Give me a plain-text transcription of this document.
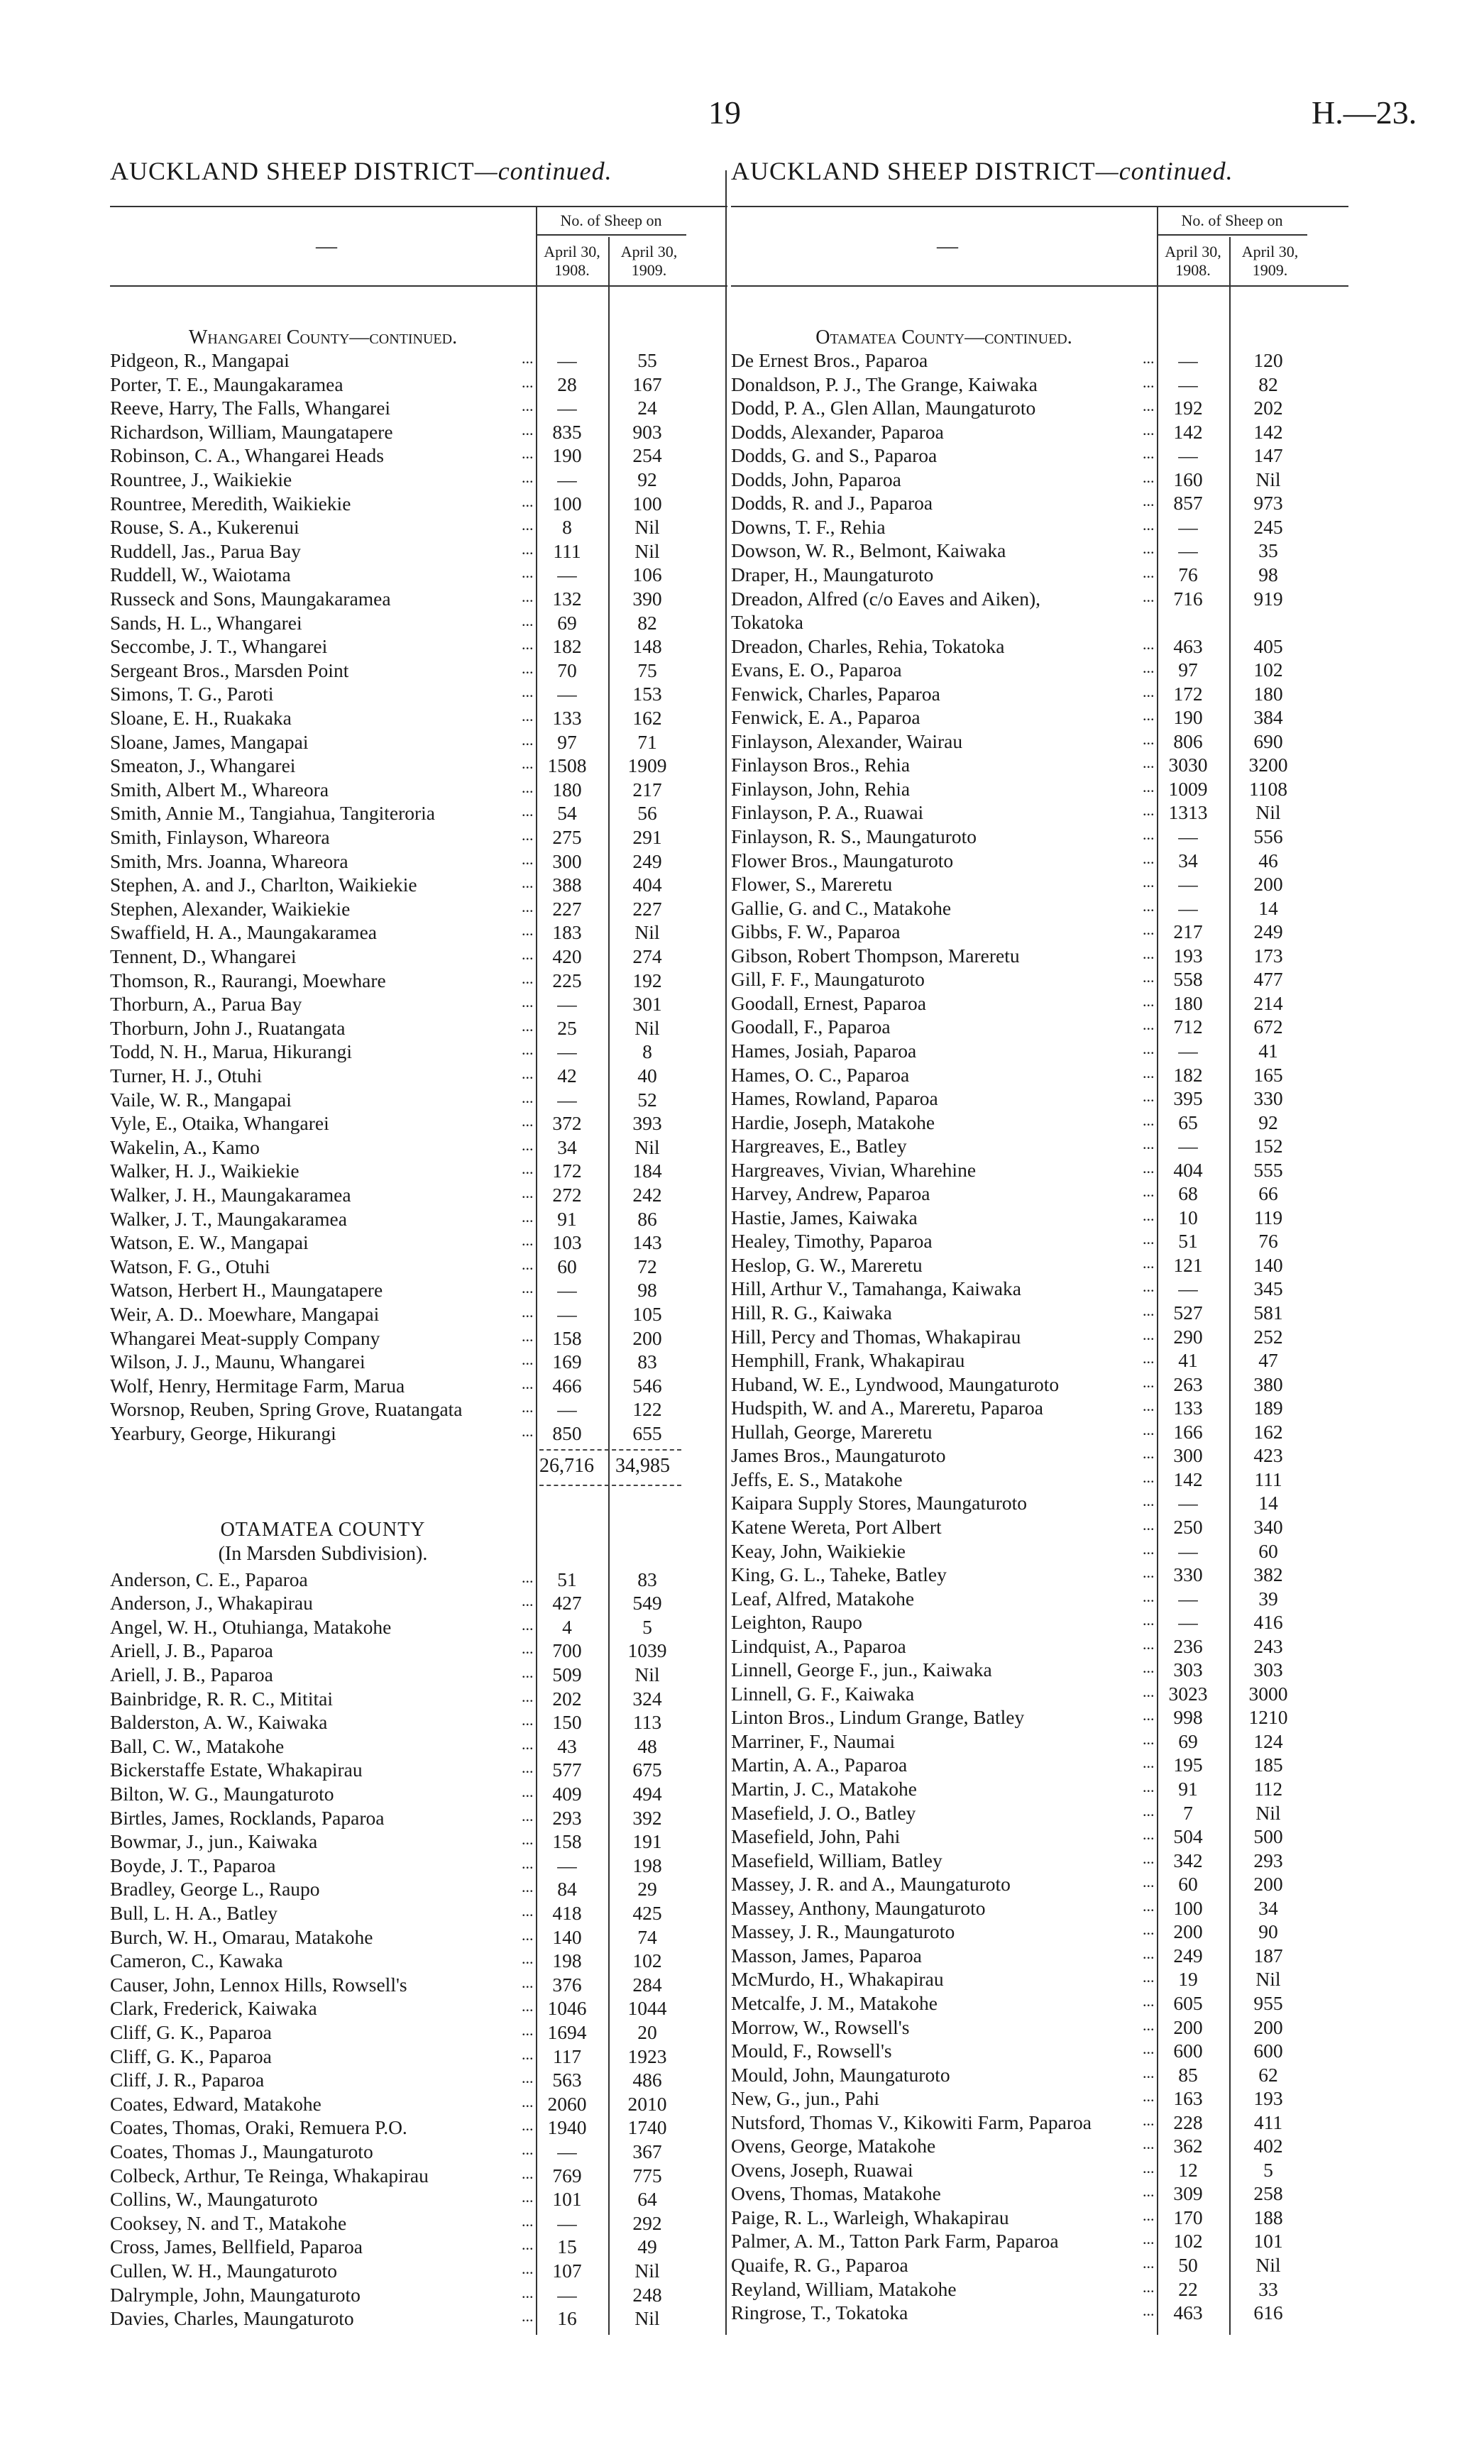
19	H.—23.
AUCKLAND SHEEP DISTRICT—continued.
No. of Sheep on
April 30, 1908.
April 30, 1909.
—
Whangarei County—continued.
Pidgeon, R., Mangapai	...	—	55
Porter, T. E., Maungakaramea	...	28	167
Reeve, Harry, The Falls, Whangarei	...	—	24
Richardson, William, Maungatapere	... 835	903
Robinson, C. A., Whangarei Heads	... 190	254
Rountree, J., Waikiekie	...	—	92
Rountree, Meredith, Waikiekie	... 100	100
Rouse, S. A., Kukerenui	...	8	Nil
Ruddell, Jas., Parua Bay	...	111	Nil
Ruddell, W., Waiotama	...	—	106
Russeck and Sons, Maungakaramea	... 132	390
Sands, H. L., Whangarei	...	69	82
Seccombe, J. T., Whangarei	... 182	148
Sergeant Bros., Marsden Point	...	70	75
Simons, T. G., Paroti	...	—	153
Sloane, E. H., Ruakaka	... 133	162
Sloane, James, Mangapai	...	97	71
Smeaton, J., Whangarei	... 1508	1909
Smith, Albert M., Whareora	... 180	217
Smith, Annie M., Tangiahua, Tangiteroria	...	54	56
Smith, Finlayson, Whareora	... 275	291
Smith, Mrs. Joanna, Whareora	... 300	249
Stephen, A. and J., Charlton, Waikiekie	... 388	404
Stephen, Alexander, Waikiekie	... 227	227
Swaffield, H. A., Maungakaramea	... 183	Nil
Tennent, D., Whangarei	... 420	274
Thomson, R., Raurangi, Moewhare	... 225	192
Thorburn, A., Parua Bay	...	—	301
Thorburn, John J., Ruatangata	...	25	Nil
Todd, N. H., Marua, Hikurangi	...	—	8
Turner, H. J., Otuhi	...	42	40
Vaile, W. R., Mangapai	...	—	52
Vyle, E., Otaika, Whangarei	... 372	393
Wakelin, A., Kamo	...	34	Nil
Walker, H. J., Waikiekie	... 172	184
Walker, J. H., Maungakaramea	... 272	242
Walker, J. T., Maungakaramea	...	91	86
Watson, E. W., Mangapai	... 103	143
Watson, F. G., Otuhi	...	60	72
Watson, Herbert H., Maungatapere	...	—	98
Weir, A. D.. Moewhare, Mangapai	...	—	105
Whangarei Meat-supply Company	... 158	200
Wilson, J. J., Maunu, Whangarei	... 169	83
Wolf, Henry, Hermitage Farm, Marua	... 466	546
Worsnop, Reuben, Spring Grove, Ruatangata	...	—	122
Yearbury, George, Hikurangi	... 850	655
26,716 34,985
OTAMATEA COUNTY
(In Marsden Subdivision).
Anderson, C. E., Paparoa	...	51	83
Anderson, J., Whakapirau	... 427	549
Angel, W. H., Otuhianga, Matakohe	...	4	5
Ariell, J. B., Paparoa	... 700	1039
Ariell, J. B., Paparoa	... 509	Nil
Bainbridge, R. R. C., Mititai	... 202	324
Balderston, A. W., Kaiwaka	... 150	113
Ball, C. W., Matakohe	...	43	48
Bickerstaffe Estate, Whakapirau	... 577	675
Bilton, W. G., Maungaturoto	... 409	494
Birtles, James, Rocklands, Paparoa	... 293	392
Bowmar, J., jun., Kaiwaka	... 158	191
Boyde, J. T., Paparoa	...	—	198
Bradley, George L., Raupo	...	84	29
Bull, L. H. A., Batley	... 418	425
Burch, W. H., Omarau, Matakohe	... 140	74
Cameron, C., Kawaka	... 198	102
Causer, John, Lennox Hills, Rowsell's	... 376	284
Clark, Frederick, Kaiwaka	... 1046	1044
Cliff, G. K., Paparoa	... 1694	20
Cliff, G. K., Paparoa	... 117	1923
Cliff, J. R., Paparoa	... 563	486
Coates, Edward, Matakohe	... 2060	2010
Coates, Thomas, Oraki, Remuera P.O.	... 1940	1740
Coates, Thomas J., Maungaturoto	...	—	367
Colbeck, Arthur, Te Reinga, Whakapirau	... 769	775
Collins, W., Maungaturoto	... 101	64
Cooksey, N. and T., Matakohe	...	—	292
Cross, James, Bellfield, Paparoa	...	15	49
Cullen, W. H., Maungaturoto	... 107	Nil
Dalrymple, John, Maungaturoto	...	—	248
Davies, Charles, Maungaturoto	...	16	Nil
AUCKLAND SHEEP DISTRICT—continued.
No. of Sheep on
April 30, 1908.
April 30, 1909.
—
Otamatea County—continued.
De Ernest Bros., Paparoa	...	—	120
Donaldson, P. J., The Grange, Kaiwaka	...	—	82
Dodd, P. A., Glen Allan, Maungaturoto	... 192	202
Dodds, Alexander, Paparoa	... 142	142
Dodds, G. and S., Paparoa	...	—	147
Dodds, John, Paparoa	... 160	Nil
Dodds, R. and J., Paparoa	... 857	973
Downs, T. F., Rehia	...	—	245
Dowson, W. R., Belmont, Kaiwaka	...	—	35
Draper, H., Maungaturoto	...	76	98
Dreadon, Alfred (c/o Eaves and Aiken),	... 716	919
Tokatoka
Dreadon, Charles, Rehia, Tokatoka	... 463	405
Evans, E. O., Paparoa	...	97	102
Fenwick, Charles, Paparoa	... 172	180
Fenwick, E. A., Paparoa	... 190	384
Finlayson, Alexander, Wairau	... 806	690
Finlayson Bros., Rehia	... 3030	3200
Finlayson, John, Rehia	... 1009	1108
Finlayson, P. A., Ruawai	... 1313	Nil
Finlayson, R. S., Maungaturoto	...	—	556
Flower Bros., Maungaturoto	...	34	46
Flower, S., Mareretu	...	—	200
Gallie, G. and C., Matakohe	...	—	14
Gibbs, F. W., Paparoa	... 217	249
Gibson, Robert Thompson, Mareretu	... 193	173
Gill, F. F., Maungaturoto	... 558	477
Goodall, Ernest, Paparoa	... 180	214
Goodall, F., Paparoa	... 712	672
Hames, Josiah, Paparoa	...	—	41
Hames, O. C., Paparoa	... 182	165
Hames, Rowland, Paparoa	... 395	330
Hardie, Joseph, Matakohe	...	65	92
Hargreaves, E., Batley	...	—	152
Hargreaves, Vivian, Wharehine	... 404	555
Harvey, Andrew, Paparoa	...	68	66
Hastie, James, Kaiwaka	...	10	119
Healey, Timothy, Paparoa	...	51	76
Heslop, G. W., Mareretu	... 121	140
Hill, Arthur V., Tamahanga, Kaiwaka	...	—	345
Hill, R. G., Kaiwaka	... 527	581
Hill, Percy and Thomas, Whakapirau	... 290	252
Hemphill, Frank, Whakapirau	...	41	47
Huband, W. E., Lyndwood, Maungaturoto	... 263	380
Hudspith, W. and A., Mareretu, Paparoa	... 133	189
Hullah, George, Mareretu	... 166	162
James Bros., Maungaturoto	... 300	423
Jeffs, E. S., Matakohe	... 142	111
Kaipara Supply Stores, Maungaturoto	...	—	14
Katene Wereta, Port Albert	... 250	340
Keay, John, Waikiekie	...	—	60
King, G. L., Taheke, Batley	... 330	382
Leaf, Alfred, Matakohe	...	—	39
Leighton, Raupo	...	—	416
Lindquist, A., Paparoa	... 236	243
Linnell, George F., jun., Kaiwaka	... 303	303
Linnell, G. F., Kaiwaka	... 3023	3000
Linton Bros., Lindum Grange, Batley	... 998	1210
Marriner, F., Naumai	...	69	124
Martin, A. A., Paparoa	... 195	185
Martin, J. C., Matakohe	...	91	112
Masefield, J. O., Batley	...	7	Nil
Masefield, John, Pahi	... 504	500
Masefield, William, Batley	... 342	293
Massey, J. R. and A., Maungaturoto	...	60	200
Massey, Anthony, Maungaturoto	... 100	34
Massey, J. R., Maungaturoto	... 200	90
Masson, James, Paparoa	... 249	187
McMurdo, H., Whakapirau	...	19	Nil
Metcalfe, J. M., Matakohe	... 605	955
Morrow, W., Rowsell's	... 200	200
Mould, F., Rowsell's	... 600	600
Mould, John, Maungaturoto	...	85	62
New, G., jun., Pahi	... 163	193
Nutsford, Thomas V., Kikowiti Farm, Paparoa	... 228	411
Ovens, George, Matakohe	... 362	402
Ovens, Joseph, Ruawai	...	12	5
Ovens, Thomas, Matakohe	... 309	258
Paige, R. L., Warleigh, Whakapirau	... 170	188
Palmer, A. M., Tatton Park Farm, Paparoa	... 102	101
Quaife, R. G., Paparoa	...	50	Nil
Reyland, William, Matakohe	...	22	33
Ringrose, T., Tokatoka	... 463	616
